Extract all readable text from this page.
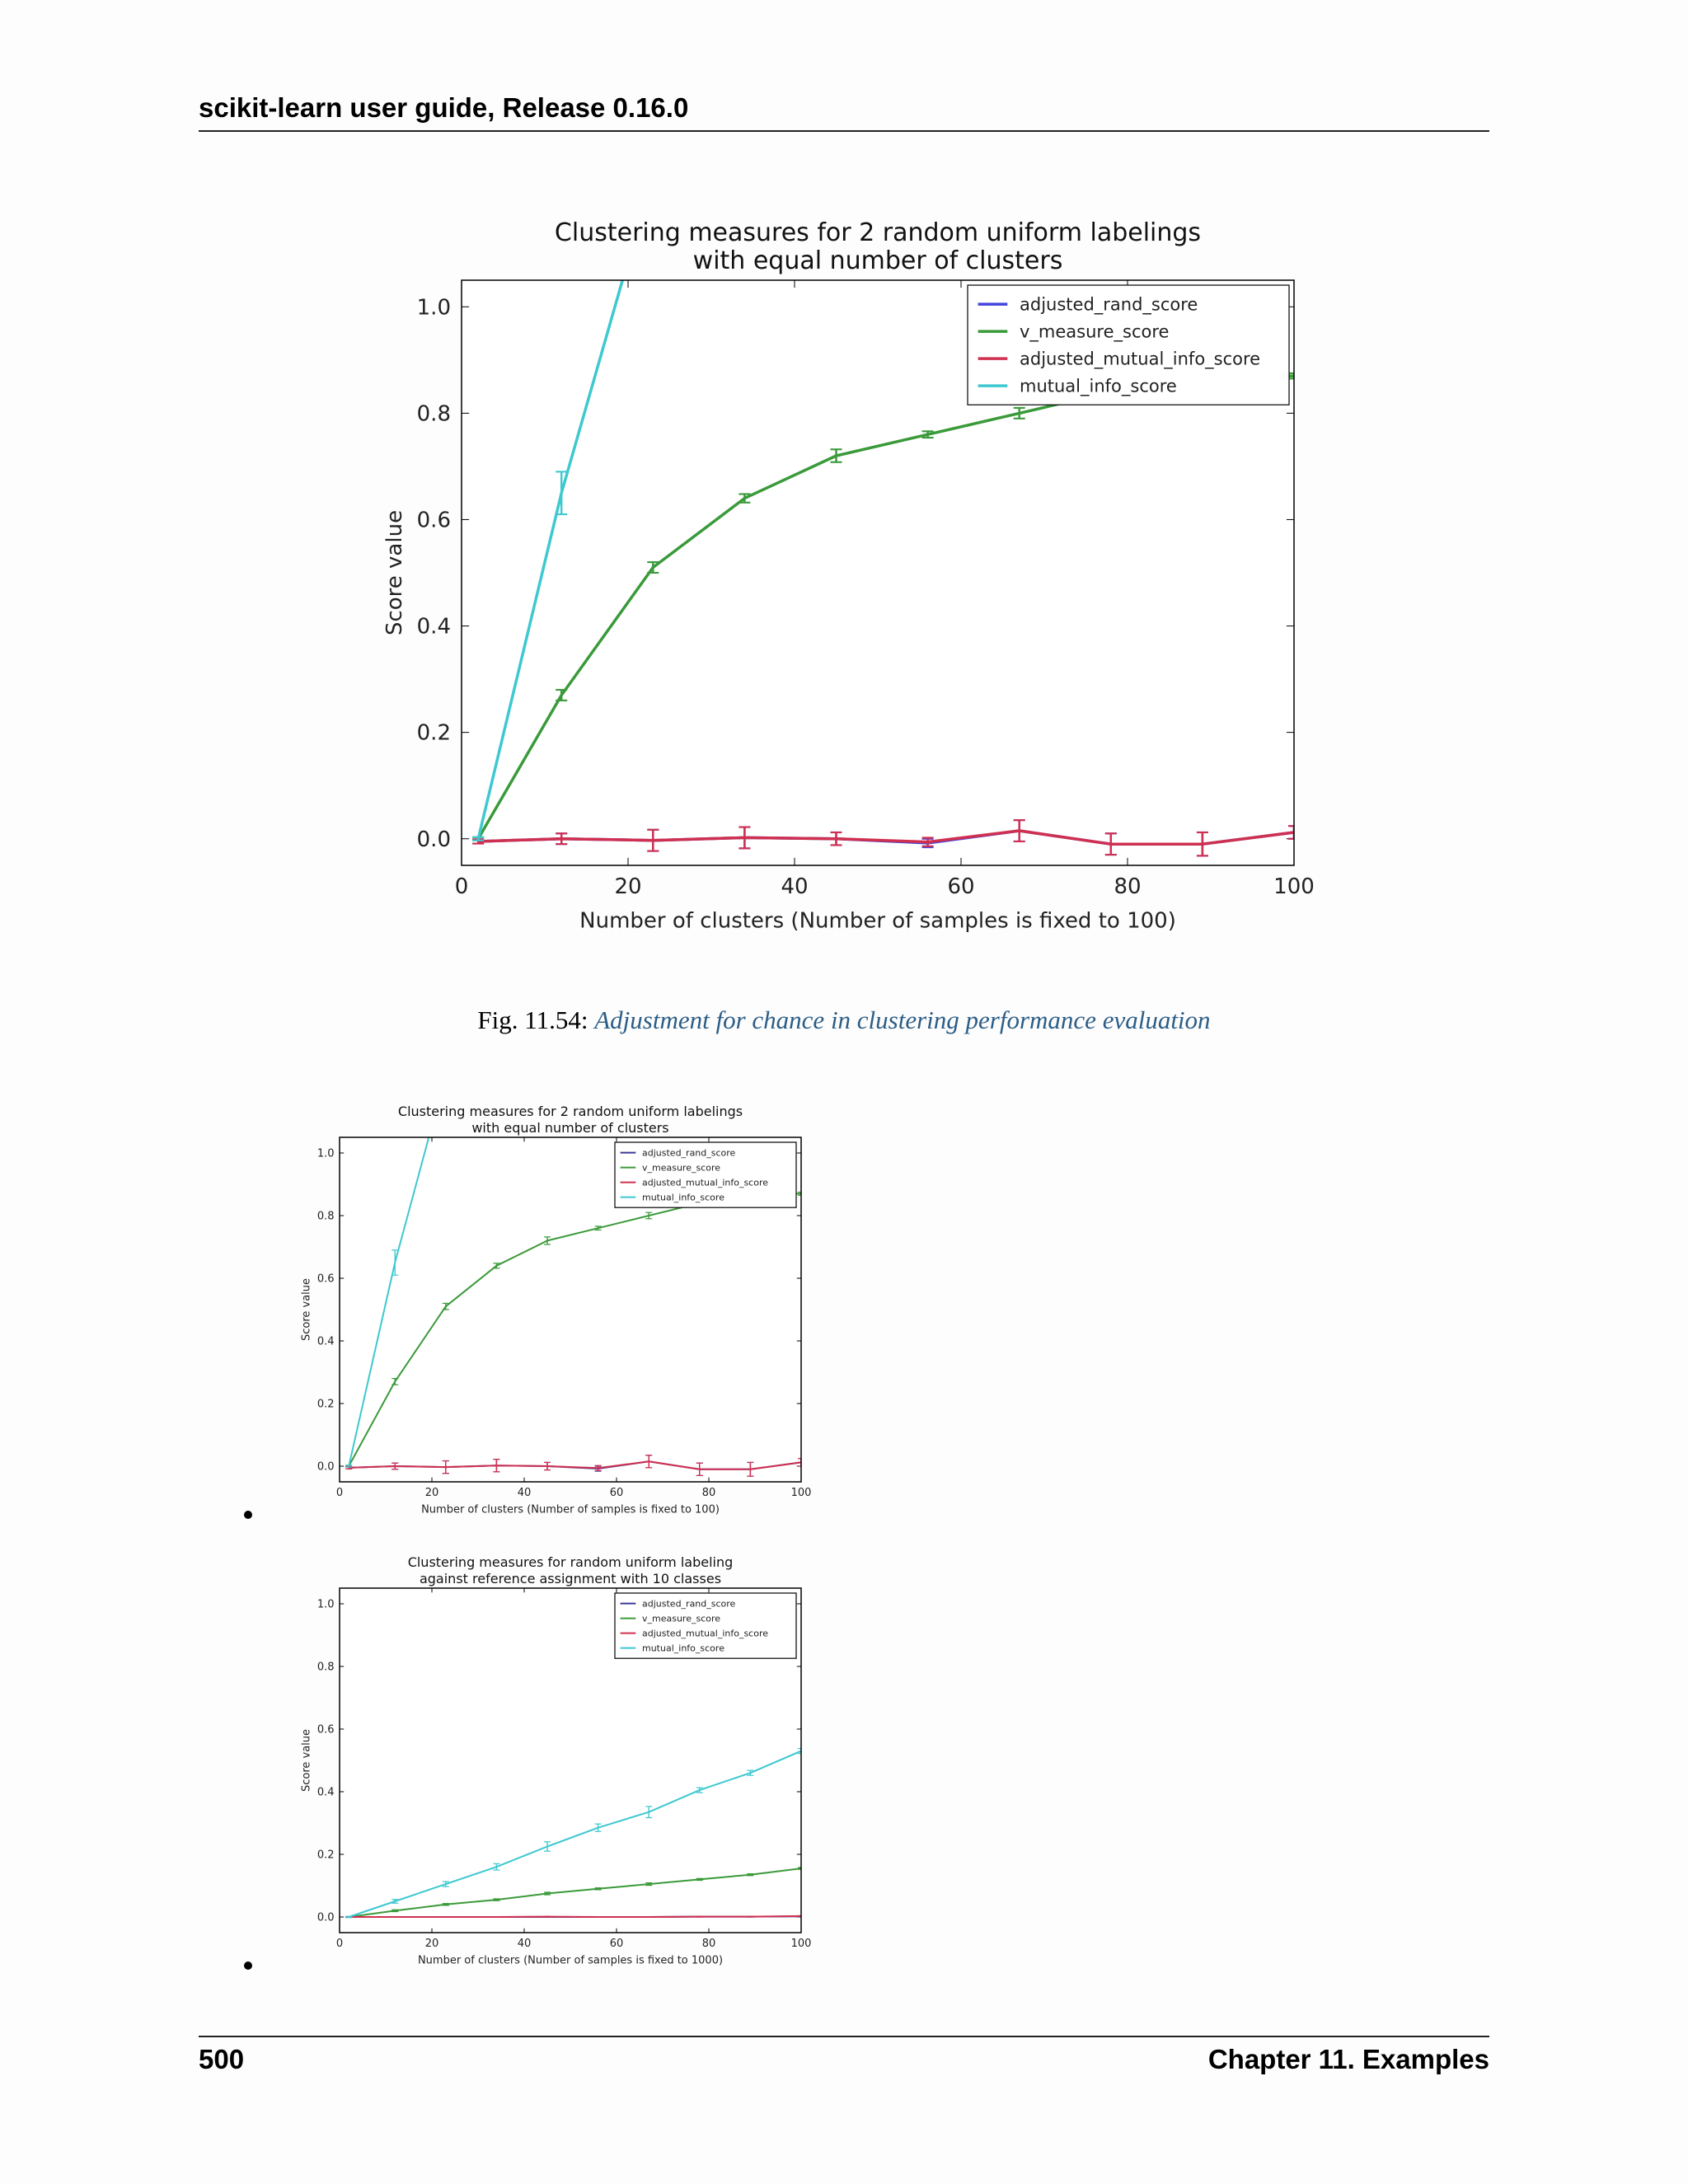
scikit-learn user guide, Release 0.16.0
Clustering measures for 2 random uniform labelings
with equal number of clusters
0	20	40	60	80	100
0.0
0.2
0.4
0.6
0.8
1.0
Number of clusters (Number of samples is fixed to 100)
Score value
adjusted_rand_score
v_measure_score
adjusted_mutual_info_score
mutual_info_score
Fig. 11.54: Adjustment for chance in clustering performance evaluation
Clustering measures for 2 random uniform labelings
with equal number of clusters
0	20	40	60	80	100
0.0
0.2
0.4
0.6
0.8
1.0
Number of clusters (Number of samples is fixed to 100)
Score value
adjusted_rand_score
v_measure_score
adjusted_mutual_info_score
mutual_info_score
Clustering measures for random uniform labeling
against reference assignment with 10 classes
0	20	40	60	80	100
0.0
0.2
0.4
0.6
0.8
1.0
Number of clusters (Number of samples is fixed to 1000)
Score value
adjusted_rand_score
v_measure_score
adjusted_mutual_info_score
mutual_info_score
500	Chapter 11. Examples
